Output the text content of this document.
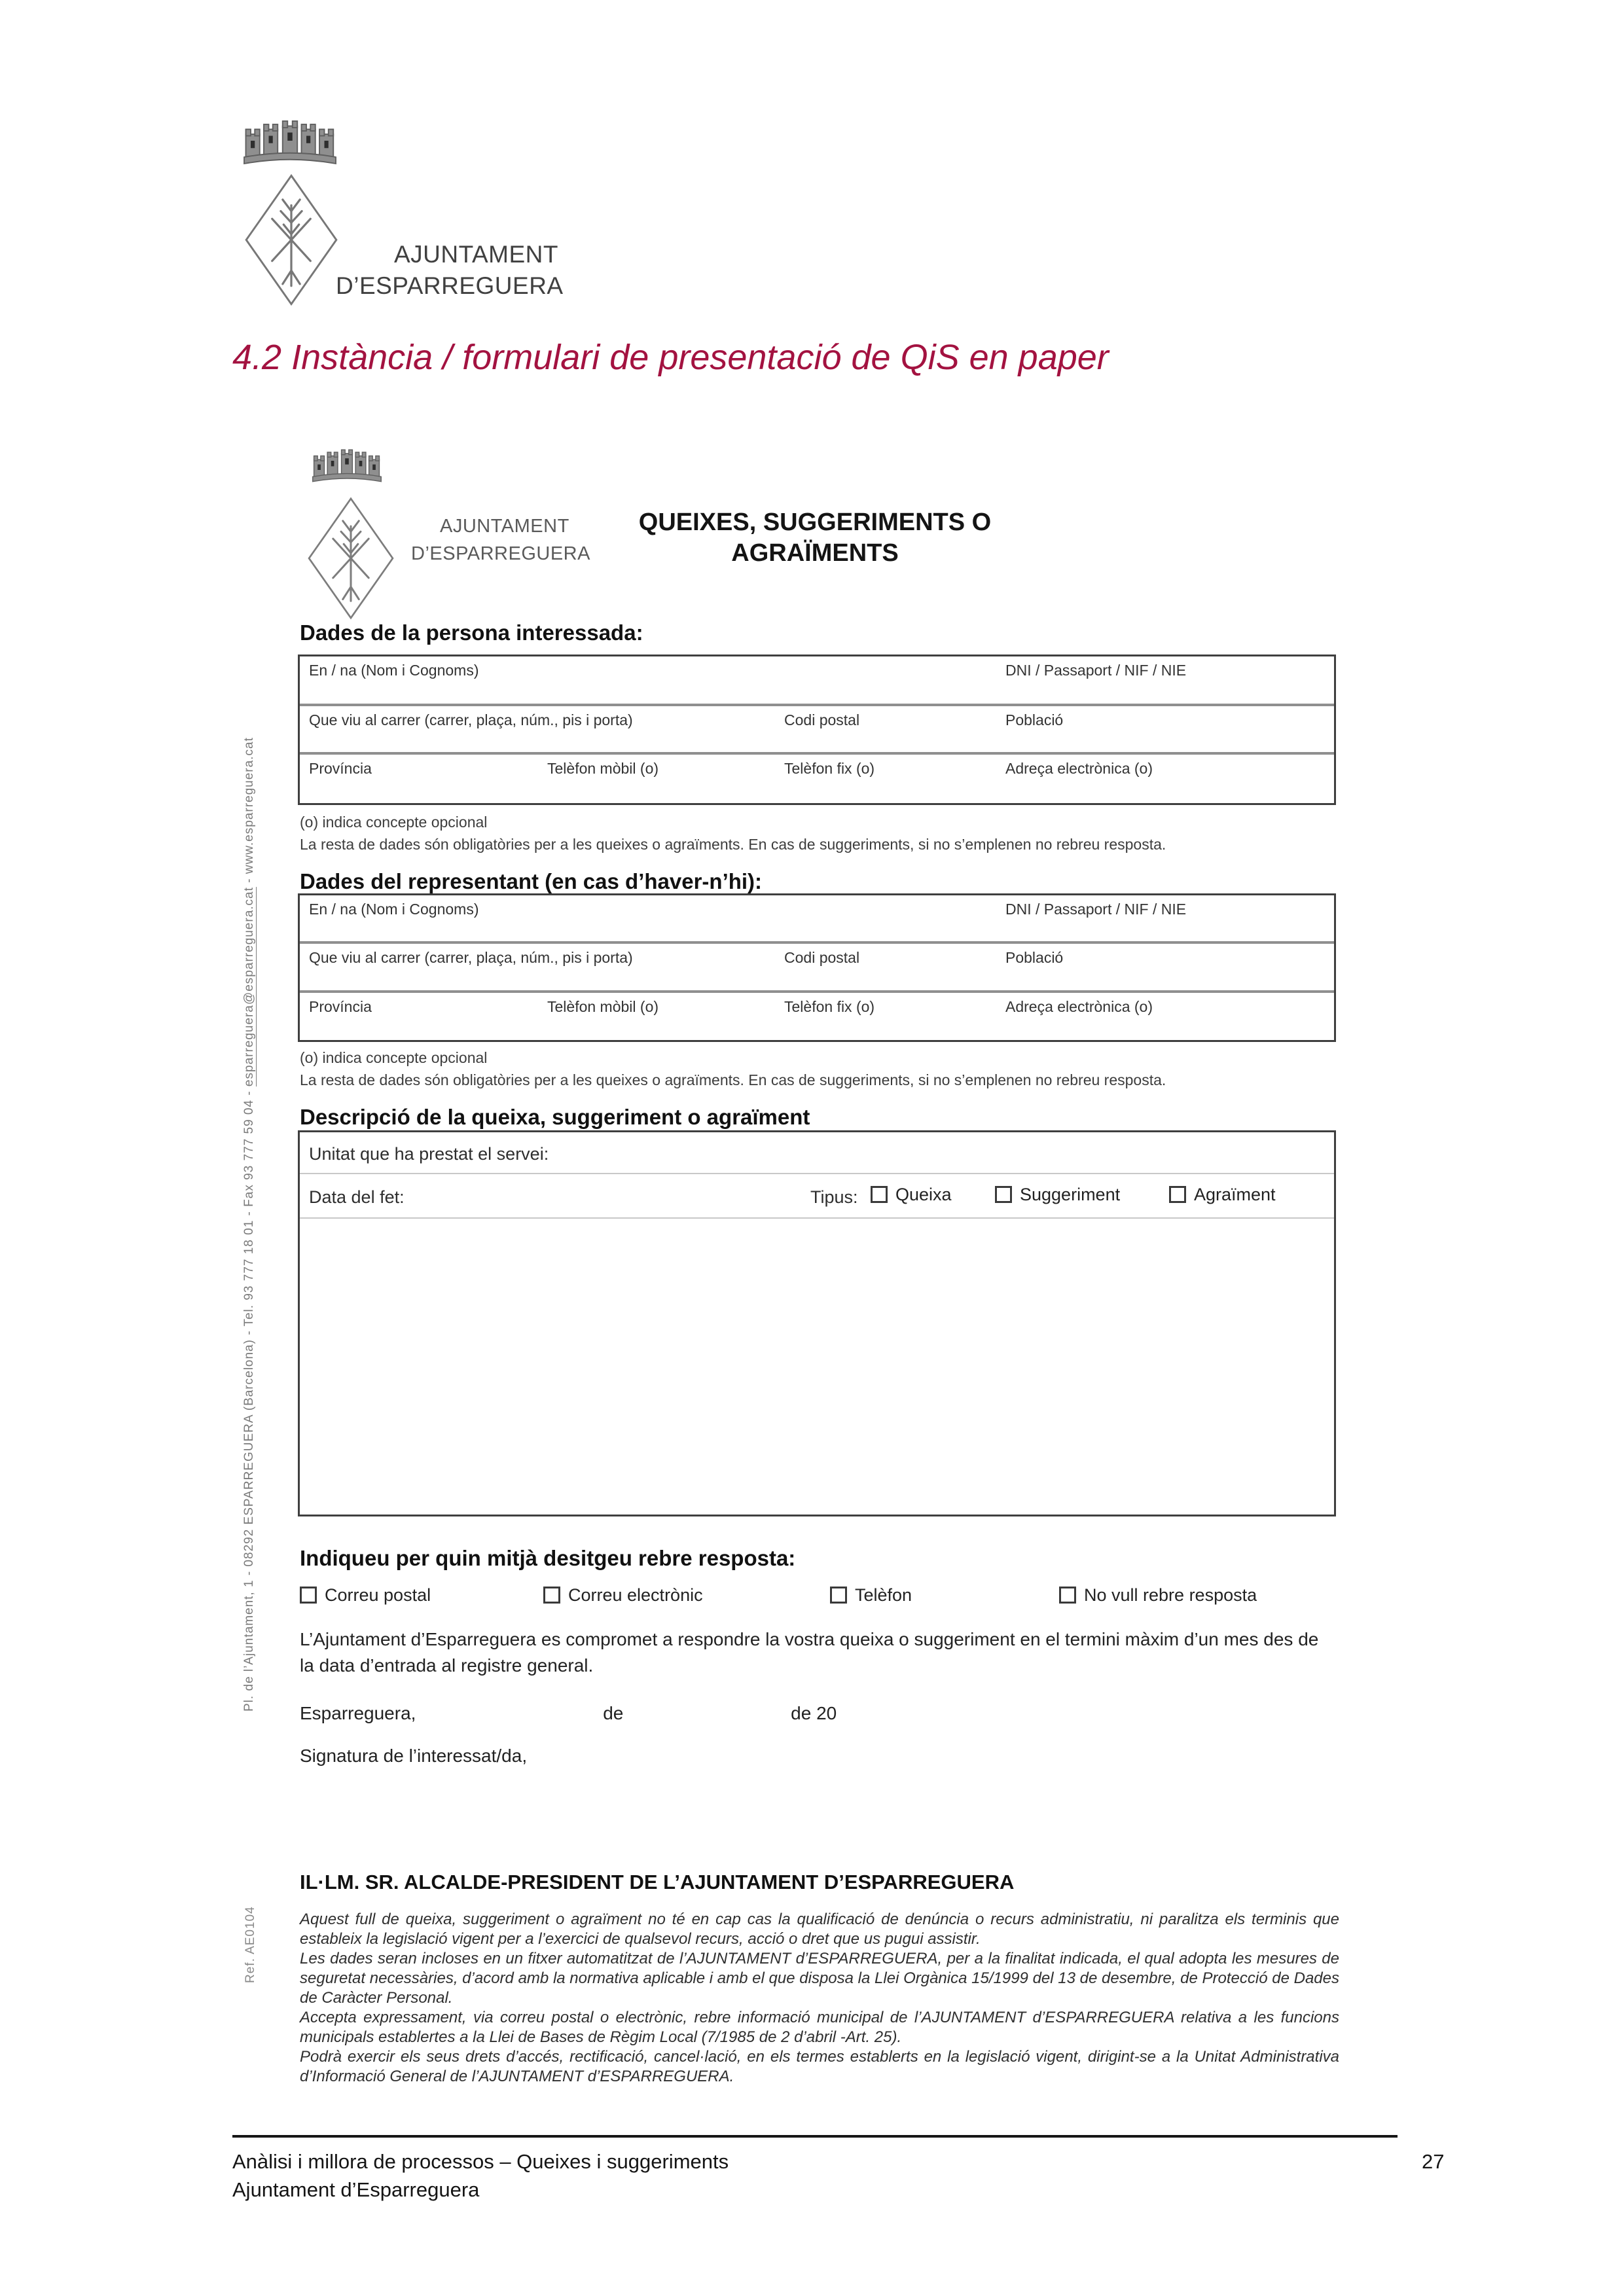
AJUNTAMENT
D’ESPARREGUERA
4.2 Instància / formulari de presentació de QiS en paper

AJUNTAMENT
D’ESPARREGUERA
QUEIXES, SUGGERIMENTS O
AGRAÏMENTS
Pl. de l’Ajuntament, 1 - 08292 ESPARREGUERA (Barcelona) - Tel. 93 777 18 01 - Fax 93 777 59 04 - esparreguera@esparreguera.cat - www.esparreguera.cat
Ref. AE0104
Dades de la persona interessada:
En / na (Nom i Cognoms)	DNI / Passaport / NIF / NIE
Que viu al carrer (carrer, plaça, núm., pis i porta)	Codi postal	Població
Província	Telèfon mòbil (o)	Telèfon fix (o)	Adreça electrònica (o)
(o) indica concepte opcional
La resta de dades són obligatòries per a les queixes o agraïments. En cas de suggeriments, si no s’emplenen no rebreu resposta.
Dades del representant (en cas d’haver-n’hi):
En / na (Nom i Cognoms)	DNI / Passaport / NIF / NIE
Que viu al carrer (carrer, plaça, núm., pis i porta)	Codi postal	Població
Província	Telèfon mòbil (o)	Telèfon fix (o)	Adreça electrònica (o)
(o) indica concepte opcional
La resta de dades són obligatòries per a les queixes o agraïments. En cas de suggeriments, si no s’emplenen no rebreu resposta.
Descripció de la queixa, suggeriment o agraïment
Unitat que ha prestat el servei:
Data del fet:	Tipus:	Queixa	Suggeriment	Agraïment
Indiqueu per quin mitjà desitgeu rebre resposta:
Correu postal	Correu electrònic	Telèfon	No vull rebre resposta
L’Ajuntament d’Esparreguera es compromet a respondre la vostra queixa o suggeriment en el termini màxim d’un mes des de la data d’entrada al registre general.
Esparreguera,	de	de 20
Signatura de l’interessat/da,
IL·LM. SR. ALCALDE-PRESIDENT DE L’AJUNTAMENT D’ESPARREGUERA

Aquest full de queixa, suggeriment o agraïment no té en cap cas la qualificació de denúncia o recurs administratiu, ni paralitza els terminis que estableix la legislació vigent per a l’exercici de qualsevol recurs, acció o dret que us pugui assistir.

Les dades seran incloses en un fitxer automatitzat de l’AJUNTAMENT d’ESPARREGUERA, per a la finalitat indicada, el qual adopta les mesures de seguretat necessàries, d’acord amb la normativa aplicable i amb el que disposa la Llei Orgànica 15/1999 del 13 de desembre, de Protecció de Dades de Caràcter Personal.

Accepta expressament, via correu postal o electrònic, rebre informació municipal de l’AJUNTAMENT d’ESPARREGUERA relativa a les funcions municipals establertes a la Llei de Bases de Règim Local (7/1985 de 2 d’abril -Art. 25).

Podrà exercir els seus drets d’accés, rectificació, cancel·lació, en els termes establerts en la legislació vigent, dirigint-se a la Unitat Administrativa d’Informació General de l’AJUNTAMENT d’ESPARREGUERA.

Anàlisi i millora de processos – Queixes i suggeriments
Ajuntament d’Esparreguera
27
